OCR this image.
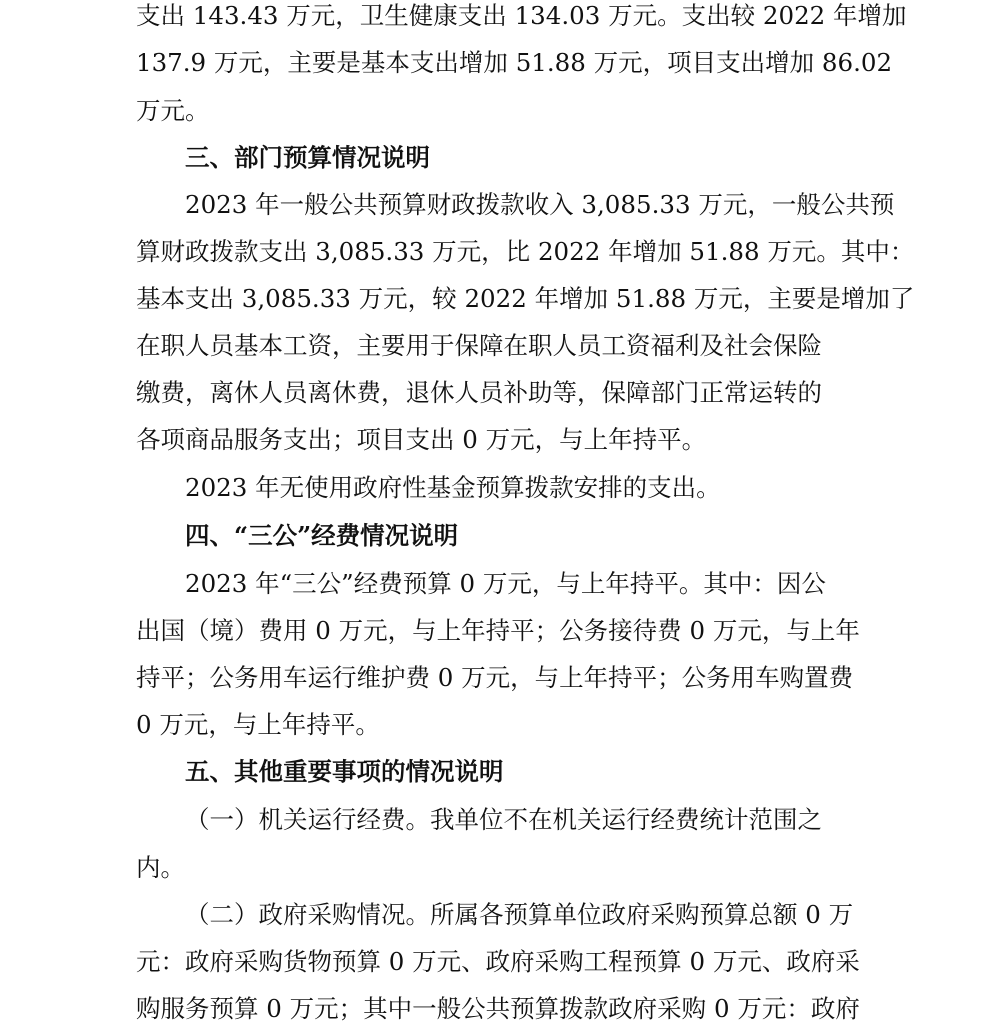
支出 143.43 万元，卫生健康支出 134.03 万元。支出较 2022 年增加
137.9 万元，主要是基本支出增加 51.88 万元，项目支出增加 86.02
万元。
三、部门预算情况说明
2023 年一般公共预算财政拨款收入 3,085.33 万元，一般公共预
算财政拨款支出 3,085.33 万元，比 2022 年增加 51.88 万元。其中：
基本支出 3,085.33 万元，较 2022 年增加 51.88 万元，主要是增加了
在职人员基本工资，主要用于保障在职人员工资福利及社会保险
缴费，离休人员离休费，退休人员补助等，保障部门正常运转的
各项商品服务支出；项目支出 0 万元，与上年持平。
2023 年无使用政府性基金预算拨款安排的支出。
四、“三公”经费情况说明
2023 年“三公”经费预算 0 万元，与上年持平。其中：因公
出国（境）费用 0 万元，与上年持平；公务接待费 0 万元，与上年
持平；公务用车运行维护费 0 万元，与上年持平；公务用车购置费
0 万元，与上年持平。
五、其他重要事项的情况说明
（一）机关运行经费。我单位不在机关运行经费统计范围之
内。
（二）政府采购情况。所属各预算单位政府采购预算总额 0 万
元：政府采购货物预算 0 万元、政府采购工程预算 0 万元、政府采
购服务预算 0 万元；其中一般公共预算拨款政府采购 0 万元：政府
